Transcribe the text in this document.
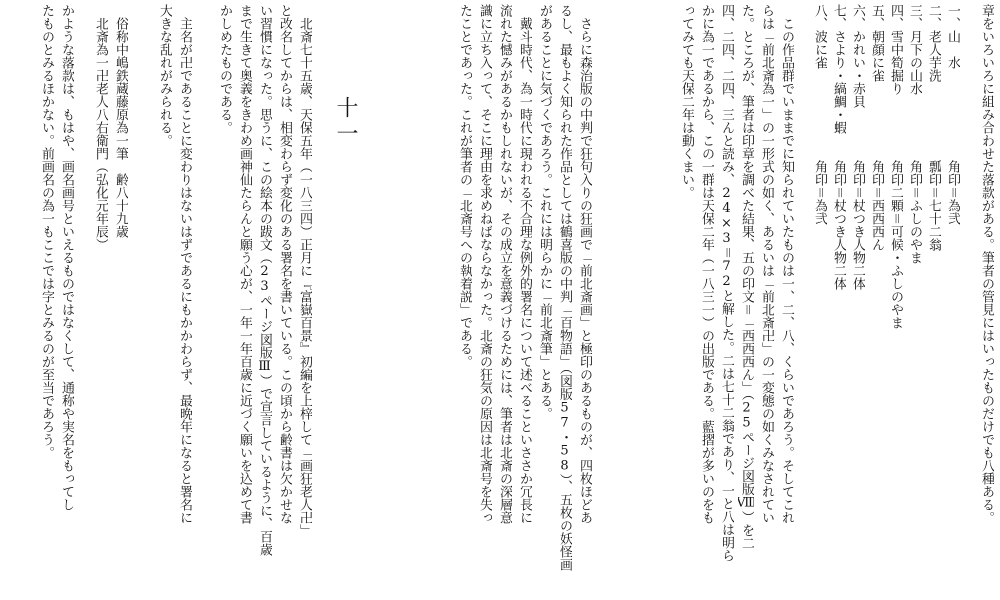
章をいろいろに組み合わせた落款がある。筆者の管見にはいったものだけでも八種ある。
一、山　水　　　　　　　角印＝為弐
二、老人芋洗　　　　　　瓢印＝七十二翁
三、月下の山水　　　　　角印＝ふしのやま
四、雪中筍掘り　　　　　角印二顆＝可候・ふしのやま
五、朝顔に雀　　　　　　角印＝西西西ん
六、かれい・赤貝　　　　角印＝杖つき人物二体
七、さより・縞鯛・蝦　　角印＝杖つき人物二体
八、波に雀　　　　　　　角印＝為弐
　この作品群でいままでに知られていたものは一、二、八、くらいであろう。そしてこれ
らは「前北斎為一」の一形式の如く、あるいは「前北斎卍」の一変態の如くみなされてい
た。ところが、筆者は印章を調べた結果、五の印文＝「西西西ん」（25ページ図版Ⅷ）を二
四、二四、二四、三んと読み、24×3＝72と解した。二は七十二翁であり、一と八は明ら
かに為一であるから、この一群は天保二年（一八三一）の出版である。藍摺が多いのをも
ってみても天保二年は動くまい。
　さらに森治版の中判で狂句入りの狂画で「前北斎画」と極印のあるものが、四枚ほどあ
るし、最もよく知られた作品としては鶴喜版の中判「百物語」（図版57・58）、五枚の妖怪画
があることに気づくであろう。これには明らかに「前北斎筆」とある。
　戴斗時代、為一時代に現われる不合理な例外的署名について述べることいささか冗長に
流れた憾みがあるかもしれないが、その成立を意義づけるためには、筆者は北斎の深層意
識に立ち入って、そこに理由を求めねばならなかった。北斎の狂気の原因は北斎号を失っ
たことであった。これが筆者の「北斎号への執着説」である。
十一
　北斎七十五歳、天保五年（一八三四）正月に『富嶽百景』初編を上梓して「画狂老人卍」
と改名してからは、相変わらず変化のある署名を書いている。この頃から齢書は欠かせな
い習慣になった。思うに、この絵本の跋文（23ページ図版Ⅲ）で宣言しているように、百歳
まで生きて奥義をきわめ画神仙たらんと願う心が、一年一年百歳に近づく願いを込めて書
かしめたものである。
　主名が卍であることに変わりはないはずであるにもかかわらず、最晩年になると署名に
大きな乱れがみられる。
　俗称中嶋鉄蔵藤原為一筆　齢八十九歳
　北斎為一卍老人八右衛門（弘化元年辰）
かような落款は、もはや、画名画号といえるものではなくして、通称や実名をもってし
たものとみるほかない。前画名の為一もここでは字とみるのが至当であろう。
